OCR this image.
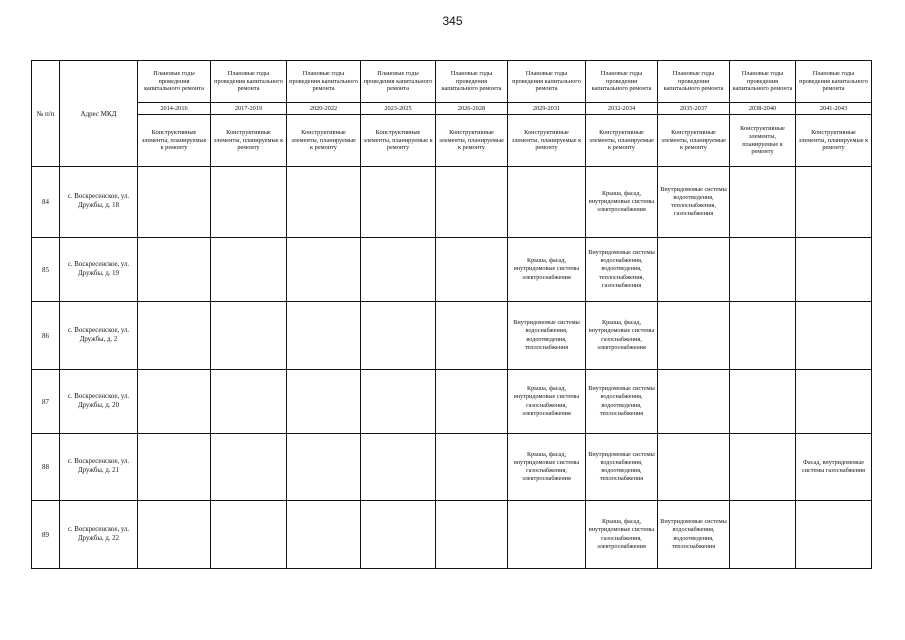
345
№ п/п	Адрес МКД	Плановые годы проведения капитального ремонта	Плановые годы проведения капитального ремонта	Плановые годы проведения капитального ремонта	Плановые годы проведения капитального ремонта	Плановые годы проведения капитального ремонта	Плановые годы проведения капитального ремонта	Плановые годы проведения капитального ремонта	Плановые годы проведения капитального ремонта	Плановые годы проведения капитального ремонта	Плановые годы проведения капитального ремонта
		2014-2016	2017-2019	2020-2022	2023-2025	2026-2028	2029-2031	2032-2034	2035-2037	2038-2040	2041-2043
		Конструктивные элементы, планируемые к ремонту	Конструктивные элементы, планируемые к ремонту	Конструктивные элементы, планируемые к ремонту	Конструктивные элементы, планируемые к ремонту	Конструктивные элементы, планируемые к ремонту	Конструктивные элементы, планируемые к ремонту	Конструктивные элементы, планируемые к ремонту	Конструктивные элементы, планируемые к ремонту	Конструктивные элементы, планируемые к ремонту	Конструктивные элементы, планируемые к ремонту
84	с. Воскресенское, ул. Дружбы, д. 18							Крыша, фасад, внутридомовые системы электроснабжения	Внутридомовые системы водоотведения, теплоснабжения, газоснабжения		
85	с. Воскресенское, ул. Дружбы, д. 19						Крыша, фасад, внутридомовые системы электроснабжения	Внутридомовые системы водоснабжения, водоотведения, теплоснабжения, газоснабжения			
86	с. Воскресенское, ул. Дружбы, д. 2						Внутридомовые системы водоснабжения, водоотведения, теплоснабжения	Крыша, фасад, внутридомовые системы газоснабжения, электроснабжения			
87	с. Воскресенское, ул. Дружбы, д. 20						Крыша, фасад, внутридомовые системы газоснабжения, электроснабжения	Внутридомовые системы водоснабжения, водоотведения, теплоснабжения			
88	с. Воскресенское, ул. Дружбы, д. 21						Крыша, фасад, внутридомовые системы газоснабжения, электроснабжения	Внутридомовые системы водоснабжения, водоотведения, теплоснабжения			Фасад, внутридомовые системы газоснабжения
89	с. Воскресенское, ул. Дружбы, д. 22							Крыша, фасад, внутридомовые системы газоснабжения, электроснабжения	Внутридомовые системы водоснабжения, водоотведения, теплоснабжения		
